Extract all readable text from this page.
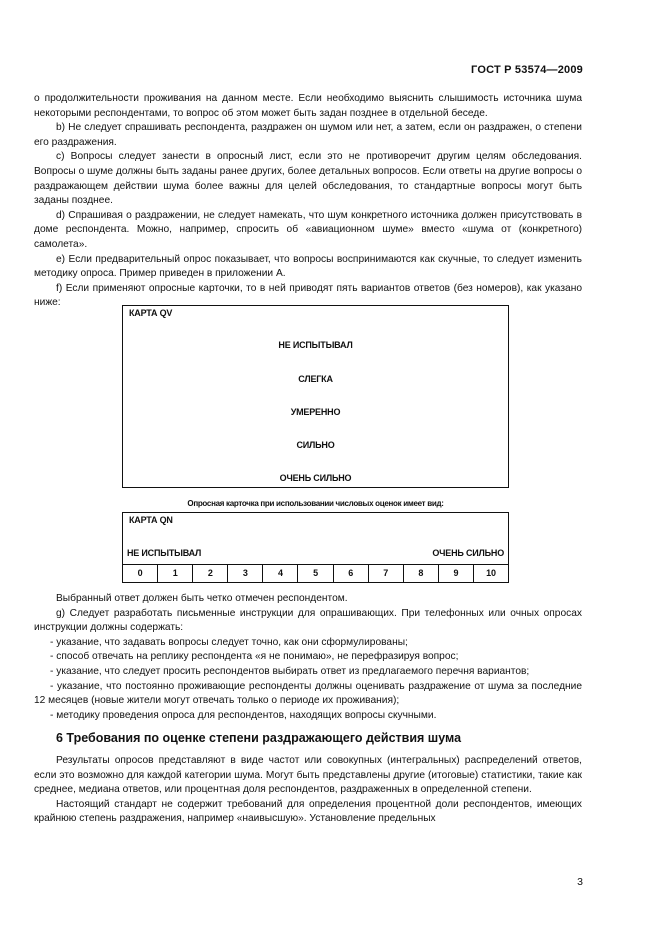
ГОСТ Р 53574—2009

о продолжительности проживания на данном месте. Если необходимо выяснить слышимость источника шума некоторыми респондентами, то вопрос об этом может быть задан позднее в отдельной беседе.

b) Не следует спрашивать респондента, раздражен он шумом или нет, а затем, если он раздражен, о степени его раздражения.

c) Вопросы следует занести в опросный лист, если это не противоречит другим целям обследования. Вопросы о шуме должны быть заданы ранее других, более детальных вопросов. Если ответы на другие вопросы о раздражающем действии шума более важны для целей обследования, то стандартные вопросы могут быть заданы позднее.

d) Спрашивая о раздражении, не следует намекать, что шум конкретного источника должен присутствовать в доме респондента. Можно, например, спросить об «авиационном шуме» вместо «шума от (конкретного) самолета».

e) Если предварительный опрос показывает, что вопросы воспринимаются как скучные, то следует изменить методику опроса. Пример приведен в приложении А.

f) Если применяют опросные карточки, то в ней приводят пять вариантов ответов (без номеров), как указано ниже:

КАРТА QV
НЕ ИСПЫТЫВАЛ
СЛЕГКА
УМЕРЕННО
СИЛЬНО
ОЧЕНЬ СИЛЬНО
Опросная карточка при использовании числовых оценок имеет вид:
КАРТА QN
НЕ ИСПЫТЫВАЛ	ОЧЕНЬ СИЛЬНО
0	1	2	3	4	5	6	7	8	9	10

Выбранный ответ должен быть четко отмечен респондентом.

g) Следует разработать письменные инструкции для опрашивающих. При телефонных или очных опросах инструкции должны содержать:

- указание, что задавать вопросы следует точно, как они сформулированы;

- способ отвечать на реплику респондента «я не понимаю», не перефразируя вопрос;

- указание, что следует просить респондентов выбирать ответ из предлагаемого перечня вариантов;

- указание, что постоянно проживающие респонденты должны оценивать раздражение от шума за последние 12 месяцев (новые жители могут отвечать только о периоде их проживания);

- методику проведения опроса для респондентов, находящих вопросы скучными.

6 Требования по оценке степени раздражающего действия шума

Результаты опросов представляют в виде частот или совокупных (интегральных) распределений ответов, если это возможно для каждой категории шума. Могут быть представлены другие (итоговые) статистики, такие как среднее, медиана ответов, или процентная доля респондентов, раздраженных в определенной степени.

Настоящий стандарт не содержит требований для определения процентной доли респондентов, имеющих крайнюю степень раздражения, например «наивысшую». Установление предельных

3
